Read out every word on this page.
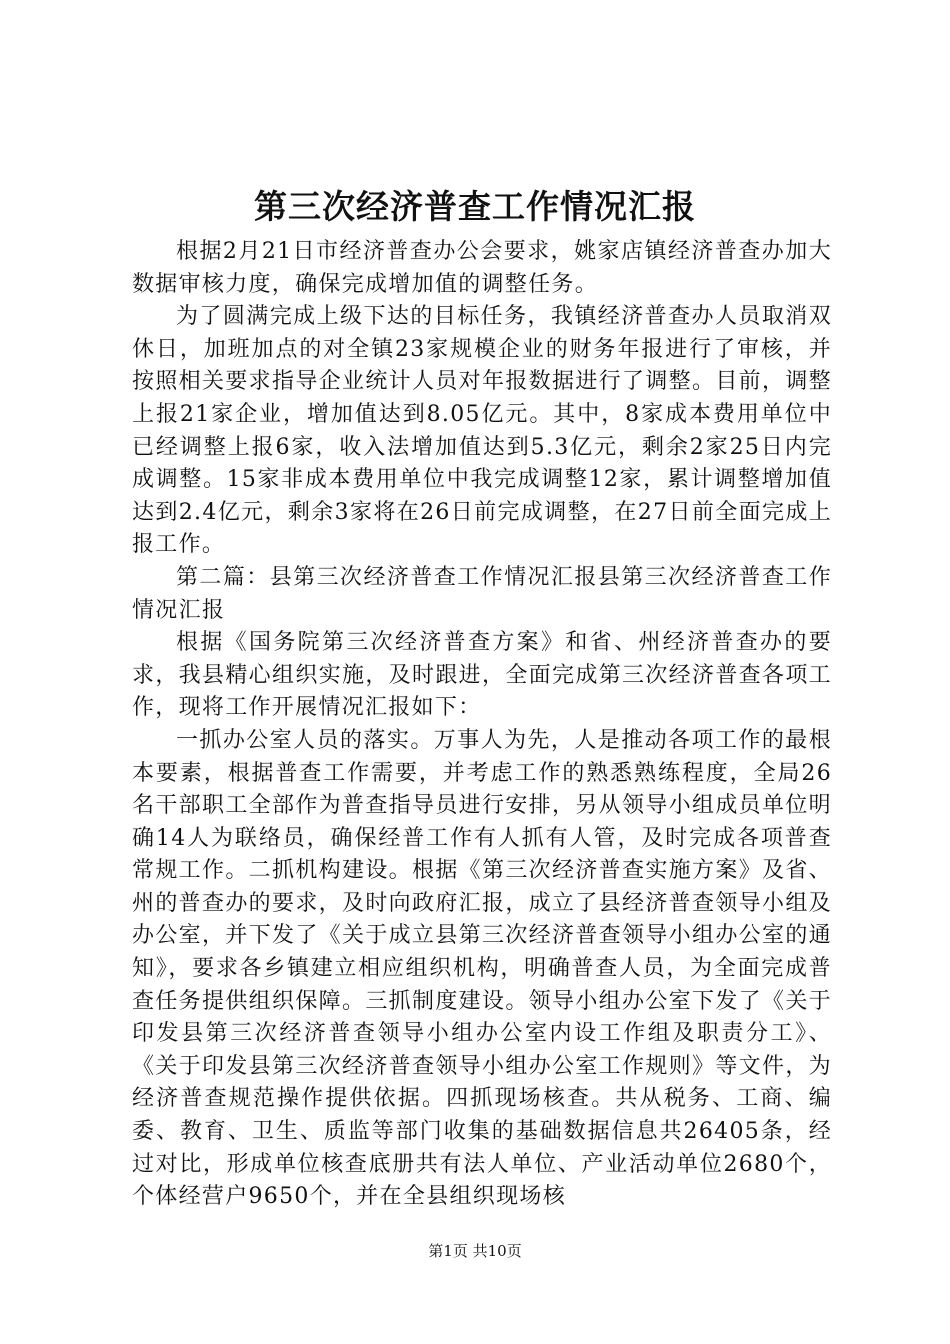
第三次经济普查工作情况汇报

根据2月21日市经济普查办公会要求，姚家店镇经济普查办加大数据审核力度，确保完成增加值的调整任务。

为了圆满完成上级下达的目标任务，我镇经济普查办人员取消双休日，加班加点的对全镇23家规模企业的财务年报进行了审核，并按照相关要求指导企业统计人员对年报数据进行了调整。目前，调整上报21家企业，增加值达到8.05亿元。其中，8家成本费用单位中已经调整上报6家，收入法增加值达到5.3亿元，剩余2家25日内完成调整。15家非成本费用单位中我完成调整12家，累计调整增加值达到2.4亿元，剩余3家将在26日前完成调整，在27日前全面完成上报工作。

第二篇：县第三次经济普查工作情况汇报县第三次经济普查工作情况汇报

根据《国务院第三次经济普查方案》和省、州经济普查办的要求，我县精心组织实施，及时跟进，全面完成第三次经济普查各项工作，现将工作开展情况汇报如下：

一抓办公室人员的落实。万事人为先，人是推动各项工作的最根本要素，根据普查工作需要，并考虑工作的熟悉熟练程度，全局26名干部职工全部作为普查指导员进行安排，另从领导小组成员单位明确14人为联络员，确保经普工作有人抓有人管，及时完成各项普查常规工作。二抓机构建设。根据《第三次经济普查实施方案》及省、州的普查办的要求，及时向政府汇报，成立了县经济普查领导小组及办公室，并下发了《关于成立县第三次经济普查领导小组办公室的通知》，要求各乡镇建立相应组织机构，明确普查人员，为全面完成普查任务提供组织保障。三抓制度建设。领导小组办公室下发了《关于印发县第三次经济普查领导小组办公室内设工作组及职责分工》、《关于印发县第三次经济普查领导小组办公室工作规则》等文件，为经济普查规范操作提供依据。四抓现场核查。共从税务、工商、编委、教育、卫生、质监等部门收集的基础数据信息共26405条，经过对比，形成单位核查底册共有法人单位、产业活动单位2680个，个体经营户9650个，并在全县组织现场核

第1页 共10页
